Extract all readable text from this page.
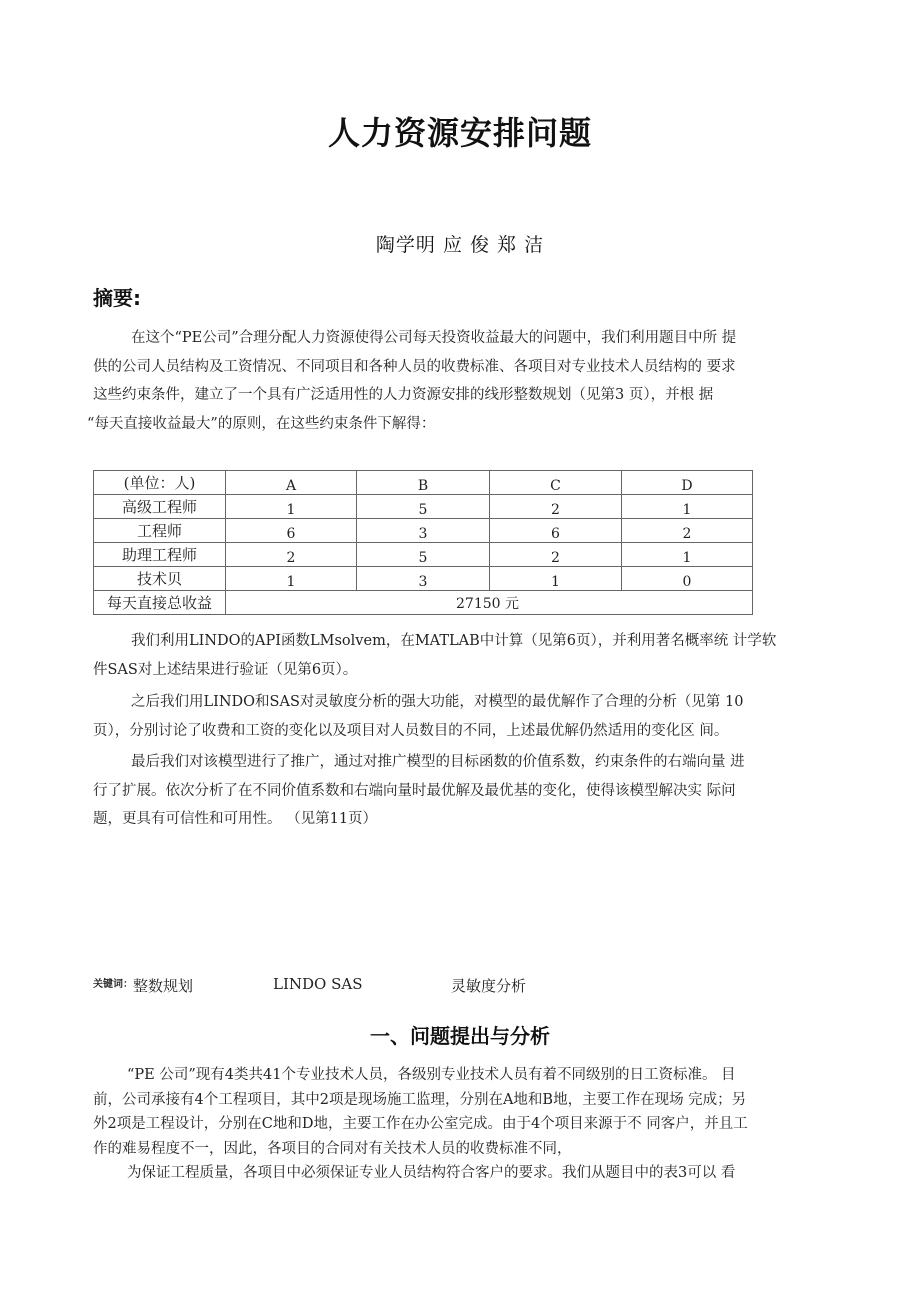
人力资源安排问题
陶学明 应 俊 郑 洁
摘要:
在这个“PE公司”合理分配人力资源使得公司每天投资收益最大的问题中，我们利用题目中所 提
供的公司人员结构及工资情况、不同项目和各种人员的收费标准、各项目对专业技术人员结构的 要求
这些约束条件，建立了一个具有广泛适用性的人力资源安排的线形整数规划（见第3 页），并根 据
“每天直接收益最大”的原则，在这些约束条件下解得：
(单位：人)	A	B	C	D
高级工程师	1	5	2	1
工程师	6	3	6	2
助理工程师	2	5	2	1
技术贝	1	3	1	0
每天直接总收益	27150 元			
我们利用LINDO的API函数LMsolvem，在MATLAB中计算（见第6页），并利用著名概率统 计学软
件SAS对上述结果进行验证（见第6页）。
之后我们用LINDO和SAS对灵敏度分析的强大功能，对模型的最优解作了合理的分析（见第 10
页），分别讨论了收费和工资的变化以及项目对人员数目的不同，上述最优解仍然适用的变化区 间。
最后我们对该模型进行了推广，通过对推广模型的目标函数的价值系数，约束条件的右端向量 进
行了扩展。依次分析了在不同价值系数和右端向量时最优解及最优基的变化，使得该模型解决实 际问
题，更具有可信性和可用性。 （见第11页）
$^{关键词:}$整数规划	LINDO SAS	灵敏度分析
一、问题提出与分析
“PE 公司”现有4类共41个专业技术人员，各级别专业技术人员有着不同级别的日工资标准。 目
前，公司承接有4个工程项目，其中2项是现场施工监理，分别在A地和B地，主要工作在现场 完成；另
外2项是工程设计，分别在C地和D地，主要工作在办公室完成。由于4个项目来源于不 同客户，并且工
作的难易程度不一，因此，各项目的合同对有关技术人员的收费标准不同，
为保证工程质量，各项目中必须保证专业人员结构符合客户的要求。我们从题目中的表3可以 看
